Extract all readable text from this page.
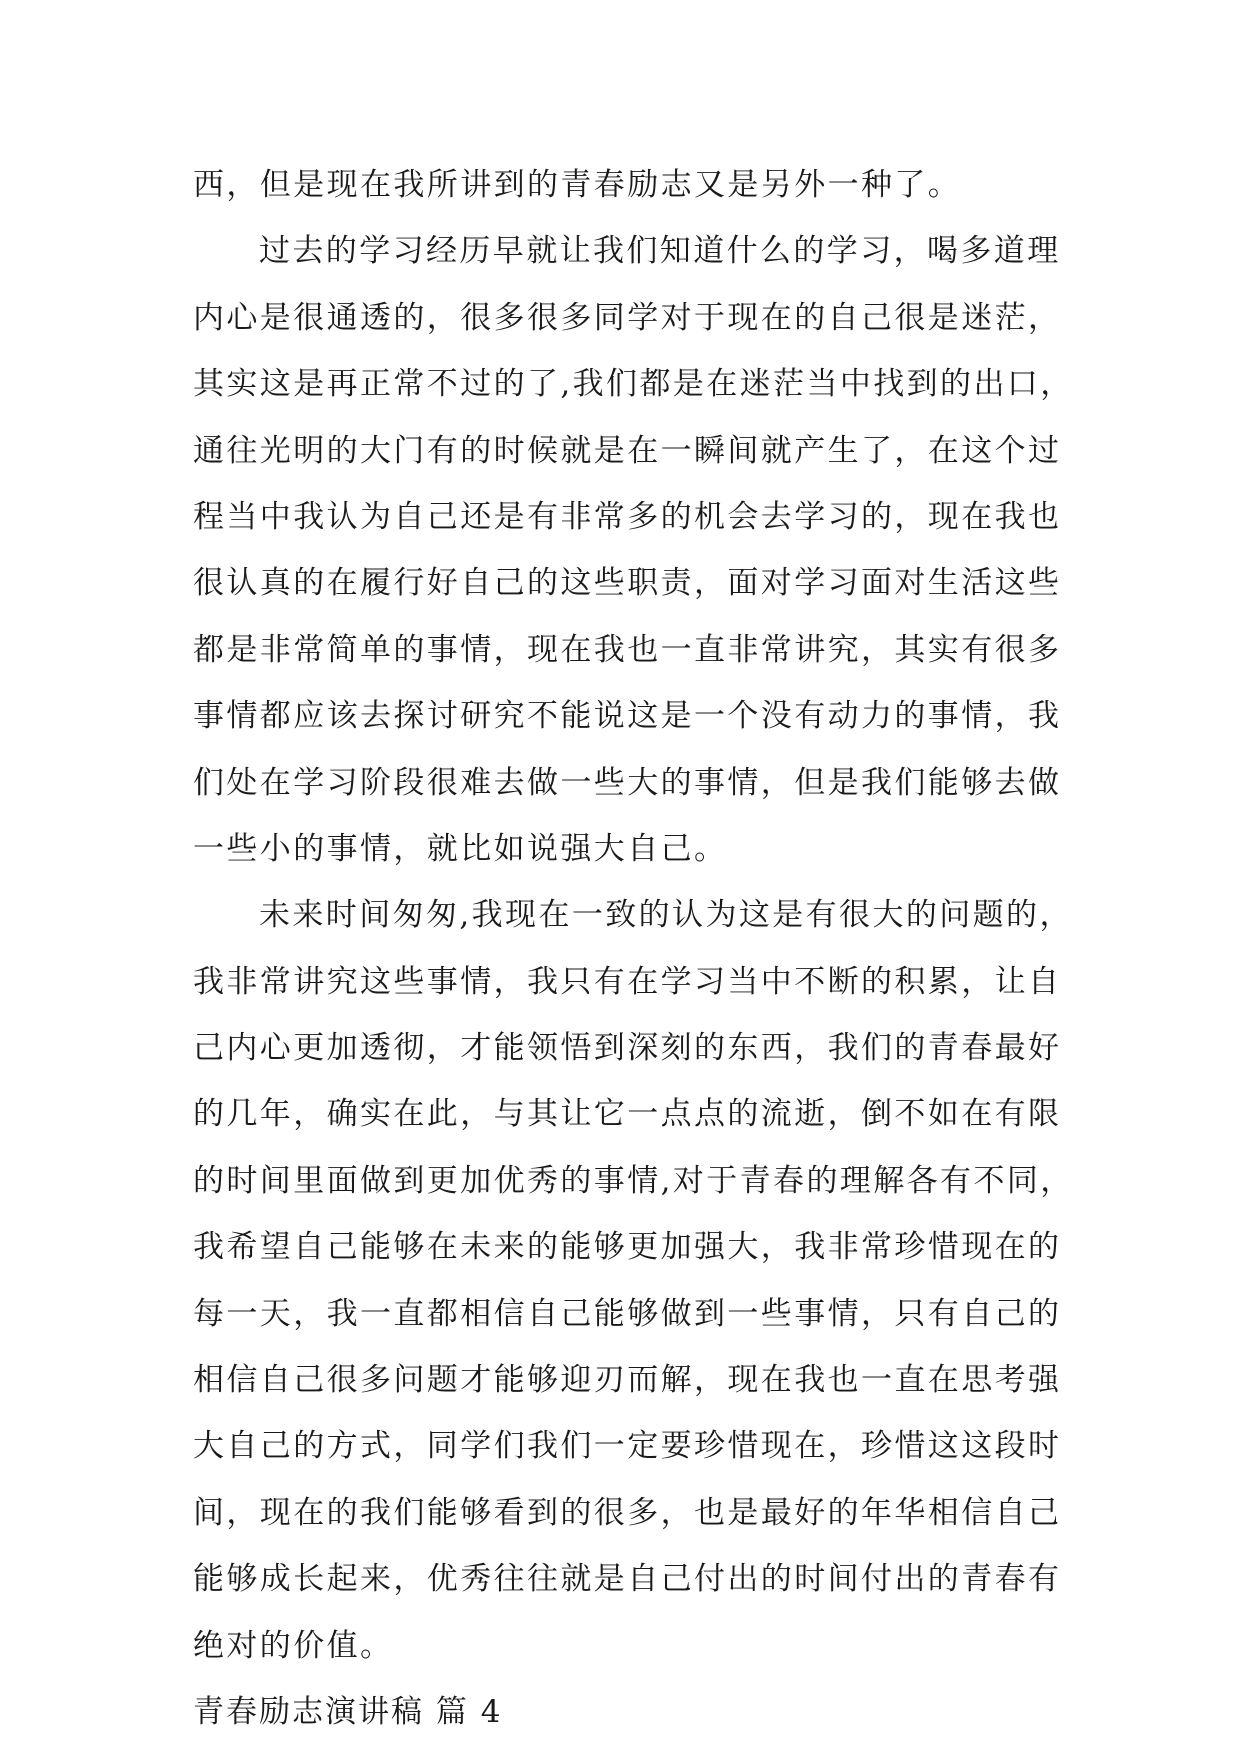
西，但是现在我所讲到的青春励志又是另外一种了。
过去的学习经历早就让我们知道什么的学习，喝多道理
内心是很通透的，很多很多同学对于现在的自己很是迷茫，
其实这是再正常不过的了,我们都是在迷茫当中找到的出口，
通往光明的大门有的时候就是在一瞬间就产生了，在这个过
程当中我认为自己还是有非常多的机会去学习的，现在我也
很认真的在履行好自己的这些职责，面对学习面对生活这些
都是非常简单的事情，现在我也一直非常讲究，其实有很多
事情都应该去探讨研究不能说这是一个没有动力的事情，我
们处在学习阶段很难去做一些大的事情，但是我们能够去做
一些小的事情，就比如说强大自己。
未来时间匆匆,我现在一致的认为这是有很大的问题的，
我非常讲究这些事情，我只有在学习当中不断的积累，让自
己内心更加透彻，才能领悟到深刻的东西，我们的青春最好
的几年，确实在此，与其让它一点点的流逝，倒不如在有限
的时间里面做到更加优秀的事情,对于青春的理解各有不同，
我希望自己能够在未来的能够更加强大，我非常珍惜现在的
每一天，我一直都相信自己能够做到一些事情，只有自己的
相信自己很多问题才能够迎刃而解，现在我也一直在思考强
大自己的方式，同学们我们一定要珍惜现在，珍惜这这段时
间，现在的我们能够看到的很多，也是最好的年华相信自己
能够成长起来，优秀往往就是自己付出的时间付出的青春有
绝对的价值。
青春励志演讲稿 篇 4
